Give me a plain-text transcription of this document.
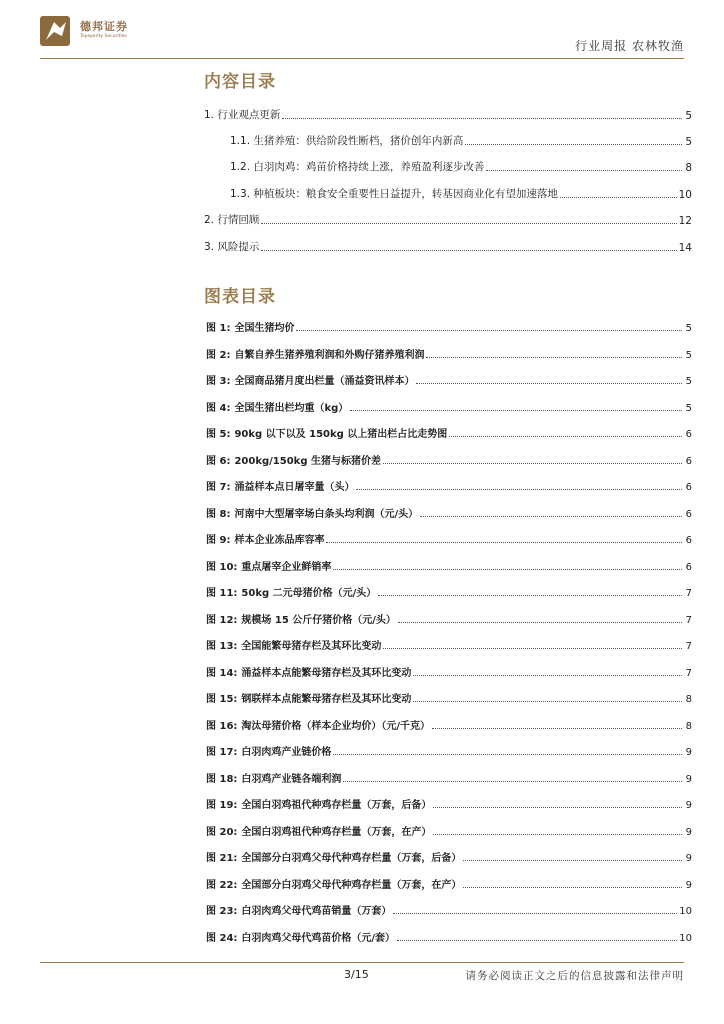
德邦证券
Topsperity Securities
行业周报 农林牧渔
内容目录
1. 行业观点更新	5
1.1. 生猪养殖：供给阶段性断档，猪价创年内新高	5
1.2. 白羽肉鸡：鸡苗价格持续上涨，养殖盈利逐步改善	8
1.3. 种植板块：粮食安全重要性日益提升，转基因商业化有望加速落地	10
2. 行情回顾	12
3. 风险提示	14
图表目录
图 1: 全国生猪均价	5
图 2: 自繁自养生猪养殖利润和外购仔猪养殖利润	5
图 3: 全国商品猪月度出栏量（涌益资讯样本）	5
图 4: 全国生猪出栏均重（kg）	5
图 5: 90kg 以下以及 150kg 以上猪出栏占比走势图	6
图 6: 200kg/150kg 生猪与标猪价差	6
图 7: 涌益样本点日屠宰量（头）	6
图 8: 河南中大型屠宰场白条头均利润（元/头）	6
图 9: 样本企业冻品库容率	6
图 10: 重点屠宰企业鲜销率	6
图 11: 50kg 二元母猪价格（元/头）	7
图 12: 规模场 15 公斤仔猪价格（元/头）	7
图 13: 全国能繁母猪存栏及其环比变动	7
图 14: 涌益样本点能繁母猪存栏及其环比变动	7
图 15: 钢联样本点能繁母猪存栏及其环比变动	8
图 16: 淘汰母猪价格（样本企业均价）（元/千克）	8
图 17: 白羽肉鸡产业链价格	9
图 18: 白羽鸡产业链各端利润	9
图 19: 全国白羽鸡祖代种鸡存栏量（万套，后备）	9
图 20: 全国白羽鸡祖代种鸡存栏量（万套，在产）	9
图 21: 全国部分白羽鸡父母代种鸡存栏量（万套，后备）	9
图 22: 全国部分白羽鸡父母代种鸡存栏量（万套，在产）	9
图 23: 白羽肉鸡父母代鸡苗销量（万套）	10
图 24: 白羽肉鸡父母代鸡苗价格（元/套）	10
3/15	请务必阅读正文之后的信息披露和法律声明
